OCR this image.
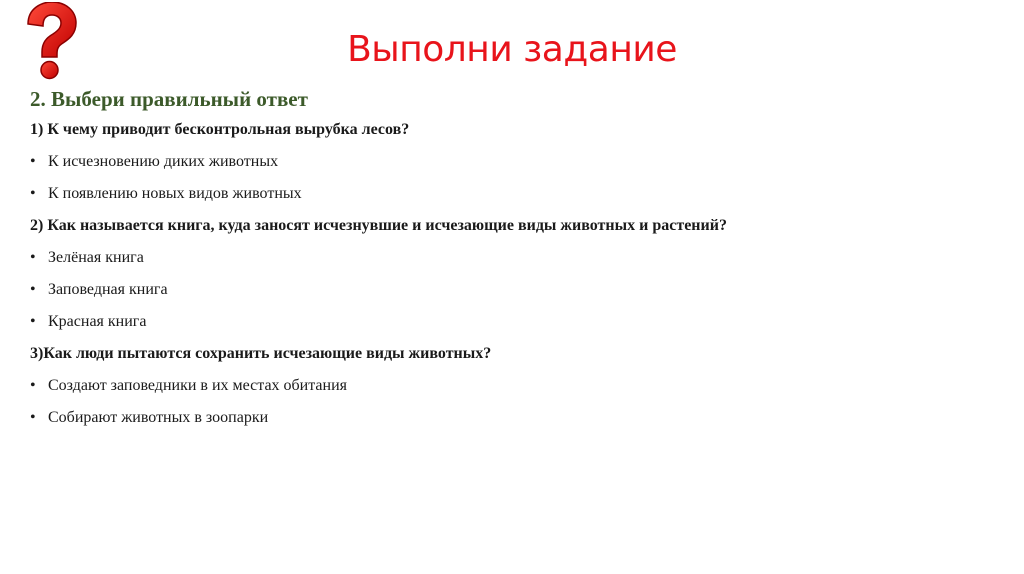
Выполни задание
2. Выбери правильный ответ
1) К чему приводит бесконтрольная вырубка лесов?
• К исчезновению диких животных
• К появлению новых видов животных
2) Как называется книга, куда заносят исчезнувшие и исчезающие виды животных и растений?
• Зелёная книга
• Заповедная книга
• Красная книга
3)Как люди пытаются сохранить исчезающие виды животных?
• Создают заповедники в их местах обитания
• Собирают животных в зоопарки
